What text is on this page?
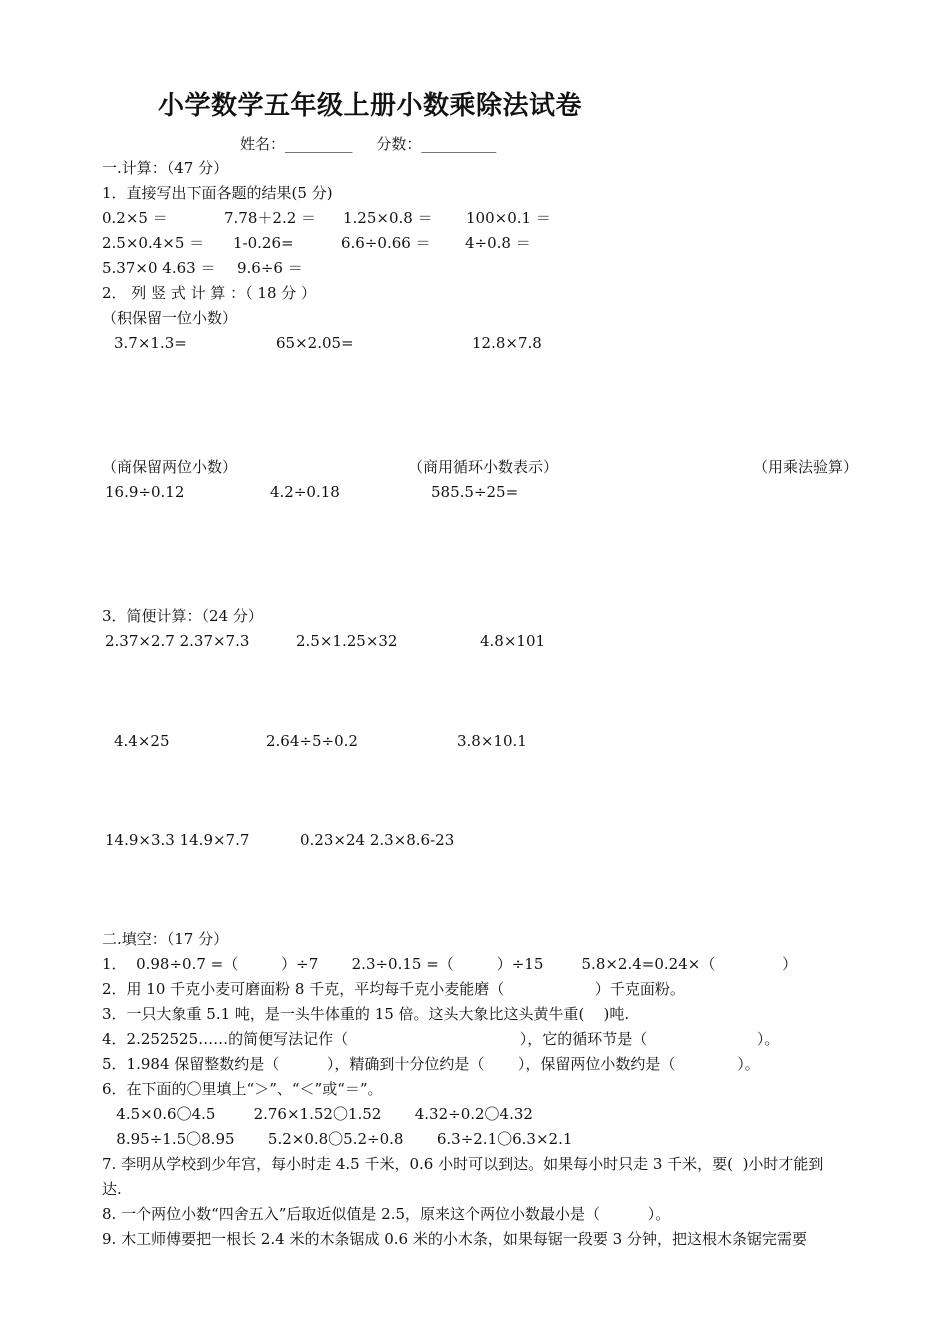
小学数学五年级上册小数乘除法试卷
姓名：_________     分数：__________
一.计算：（47 分）
1．直接写出下面各题的结果(5 分)
0.2×5 ＝	7.78＋2.2 ＝ 1.25×0.8 ＝ 100×0.1 ＝
2.5×0.4×5 ＝ 1-0.26=	6.6÷0.66 ＝ 4÷0.8 ＝
5.37×0 4.63 ＝ 9.6÷6 ＝
2． 列 竖 式 计 算 ：（ 18 分 ）
（积保留一位小数）
3.7×1.3=	65×2.05=	12.8×7.8
（商保留两位小数）	（商用循环小数表示）	（用乘法验算）
16.9÷0.12	4.2÷0.18	585.5÷25=
3．简便计算：（24 分）
2.37×2.7 2.37×7.3	2.5×1.25×32	4.8×101
4.4×25	2.64÷5÷0.2	3.8×10.1
14.9×3.3 14.9×7.7	0.23×24 2.3×8.6-23
二.填空：（17 分）
1．  0.98÷0.7 =（         ）÷7       2.3÷0.15 =（         ）÷15        5.8×2.4=0.24×（              ）
2．用 10 千克小麦可磨面粉 8 千克，平均每千克小麦能磨（                   ）千克面粉。
3．一只大象重 5.1 吨，是一头牛体重的 15 倍。这头大象比这头黄牛重(    )吨.
4．2.252525……的简便写法记作（                                    ），它的循环节是（                       ）。
5．1.984 保留整数约是（          ），精确到十分位约是（       ），保留两位小数约是（             ）。
6．在下面的〇里填上“＞”、“＜”或“＝”。
4.5×0.6〇4.5        2.76×1.52〇1.52       4.32÷0.2〇4.32
8.95÷1.5〇8.95       5.2×0.8〇5.2÷0.8       6.3÷2.1〇6.3×2.1
7. 李明从学校到少年宫，每小时走 4.5 千米，0.6 小时可以到达。如果每小时只走 3 千米，要(  )小时才能到
达.
8. 一个两位小数“四舍五入”后取近似值是 2.5，原来这个两位小数最小是（          ）。
9. 木工师傅要把一根长 2.4 米的木条锯成 0.6 米的小木条，如果每锯一段要 3 分钟，把这根木条锯完需要
